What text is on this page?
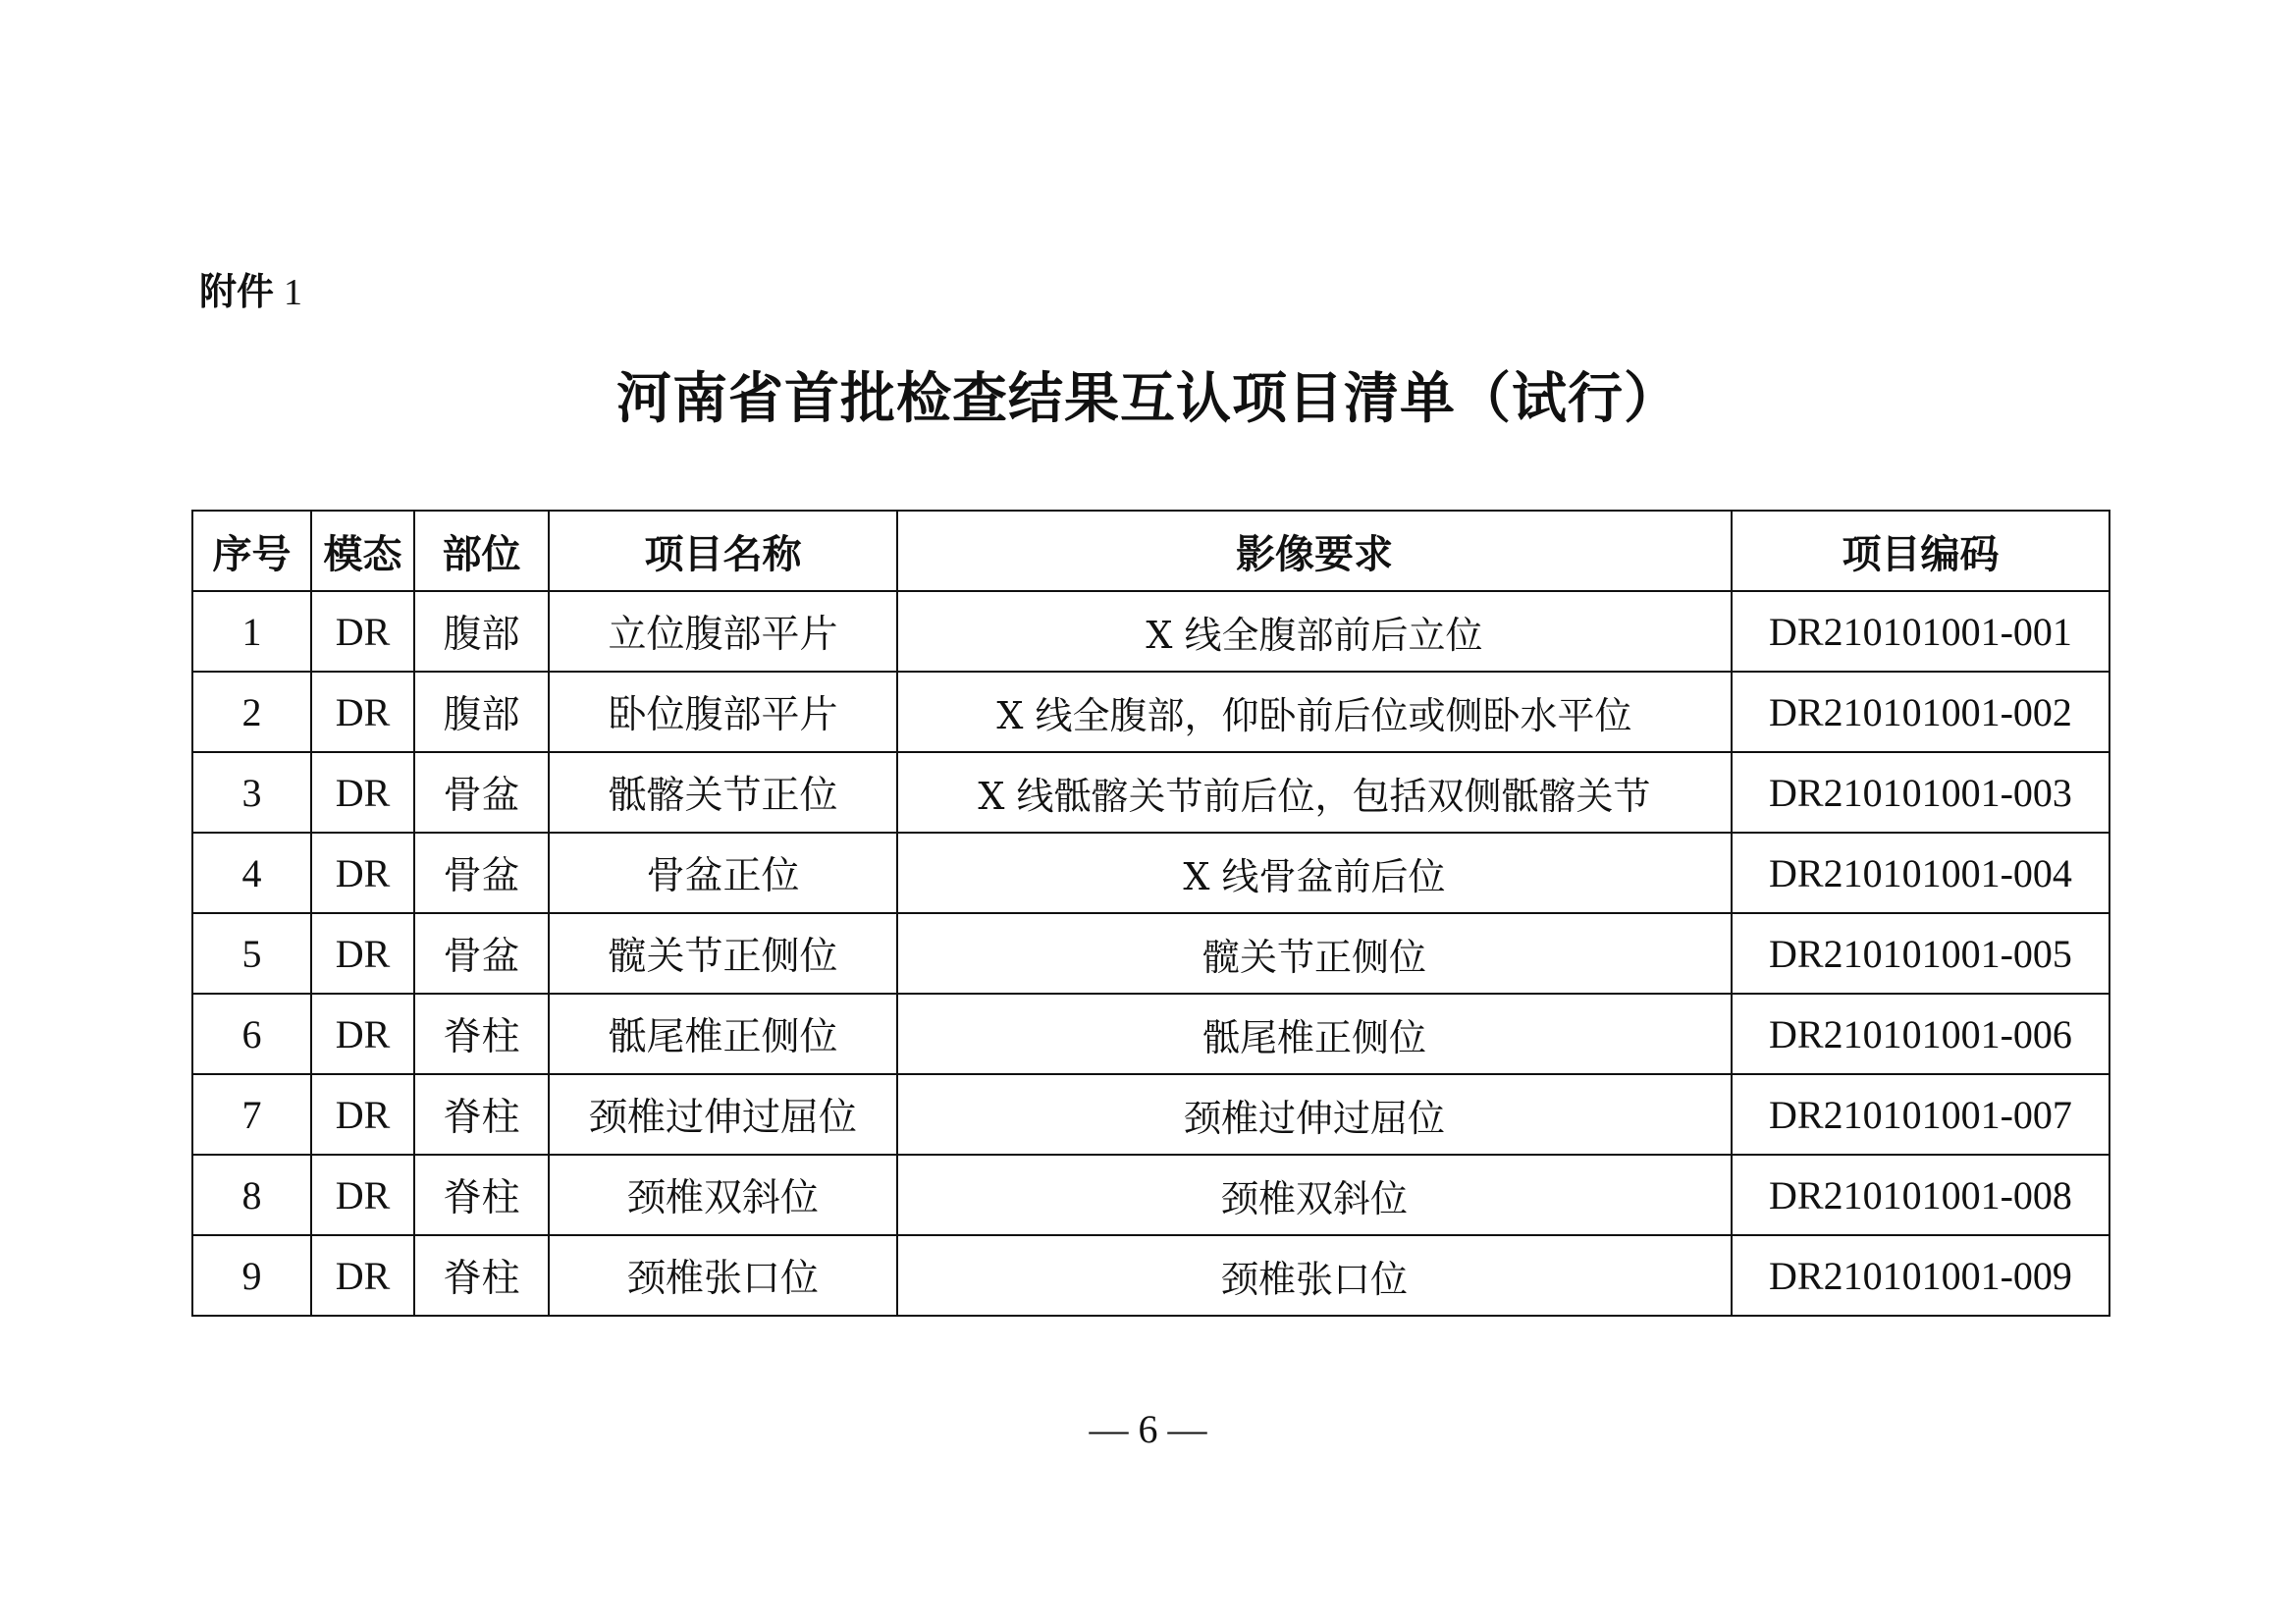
附件 1
河南省首批检查结果互认项目清单（试行）
序号	模态	部位	项目名称	影像要求	项目编码
1	DR	腹部	立位腹部平片	X 线全腹部前后立位	DR210101001-001
2	DR	腹部	卧位腹部平片	X 线全腹部，仰卧前后位或侧卧水平位	DR210101001-002
3	DR	骨盆	骶髂关节正位	X 线骶髂关节前后位，包括双侧骶髂关节	DR210101001-003
4	DR	骨盆	骨盆正位	X 线骨盆前后位	DR210101001-004
5	DR	骨盆	髋关节正侧位	髋关节正侧位	DR210101001-005
6	DR	脊柱	骶尾椎正侧位	骶尾椎正侧位	DR210101001-006
7	DR	脊柱	颈椎过伸过屈位	颈椎过伸过屈位	DR210101001-007
8	DR	脊柱	颈椎双斜位	颈椎双斜位	DR210101001-008
9	DR	脊柱	颈椎张口位	颈椎张口位	DR210101001-009
— 6 —
